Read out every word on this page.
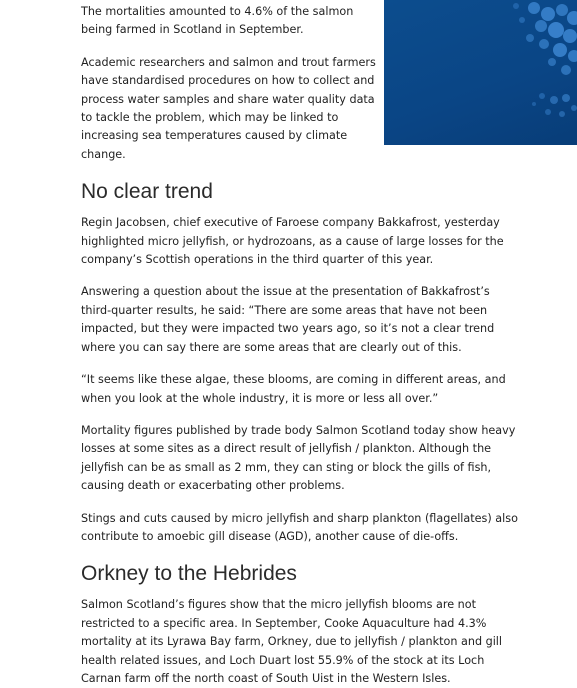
The mortalities amounted to 4.6% of the salmon being farmed in Scotland in September.

Academic researchers and salmon and trout farmers have standardised procedures on how to collect and process water samples and share water quality data to tackle the problem, which may be linked to increasing sea temperatures caused by climate change.

No clear trend

Regin Jacobsen, chief executive of Faroese company Bakkafrost, yesterday highlighted micro jellyfish, or hydrozoans, as a cause of large losses for the company’s Scottish operations in the third quarter of this year.

Answering a question about the issue at the presentation of Bakkafrost’s third-quarter results, he said: “There are some areas that have not been impacted, but they were impacted two years ago, so it’s not a clear trend where you can say there are some areas that are clearly out of this.

“It seems like these algae, these blooms, are coming in different areas, and when you look at the whole industry, it is more or less all over.”

Mortality figures published by trade body Salmon Scotland today show heavy losses at some sites as a direct result of jellyfish / plankton. Although the jellyfish can be as small as 2 mm, they can sting or block the gills of fish, causing death or exacerbating other problems.

Stings and cuts caused by micro jellyfish and sharp plankton (flagellates) also contribute to amoebic gill disease (AGD), another cause of die-offs.

Orkney to the Hebrides

Salmon Scotland’s figures show that the micro jellyfish blooms are not restricted to a specific area. In September, Cooke Aquaculture had 4.3% mortality at its Lyrawa Bay farm, Orkney, due to jellyfish / plankton and gill health related issues, and Loch Duart lost 55.9% of the stock at its Loch Carnan farm off the north coast of South Uist in the Western Isles.
